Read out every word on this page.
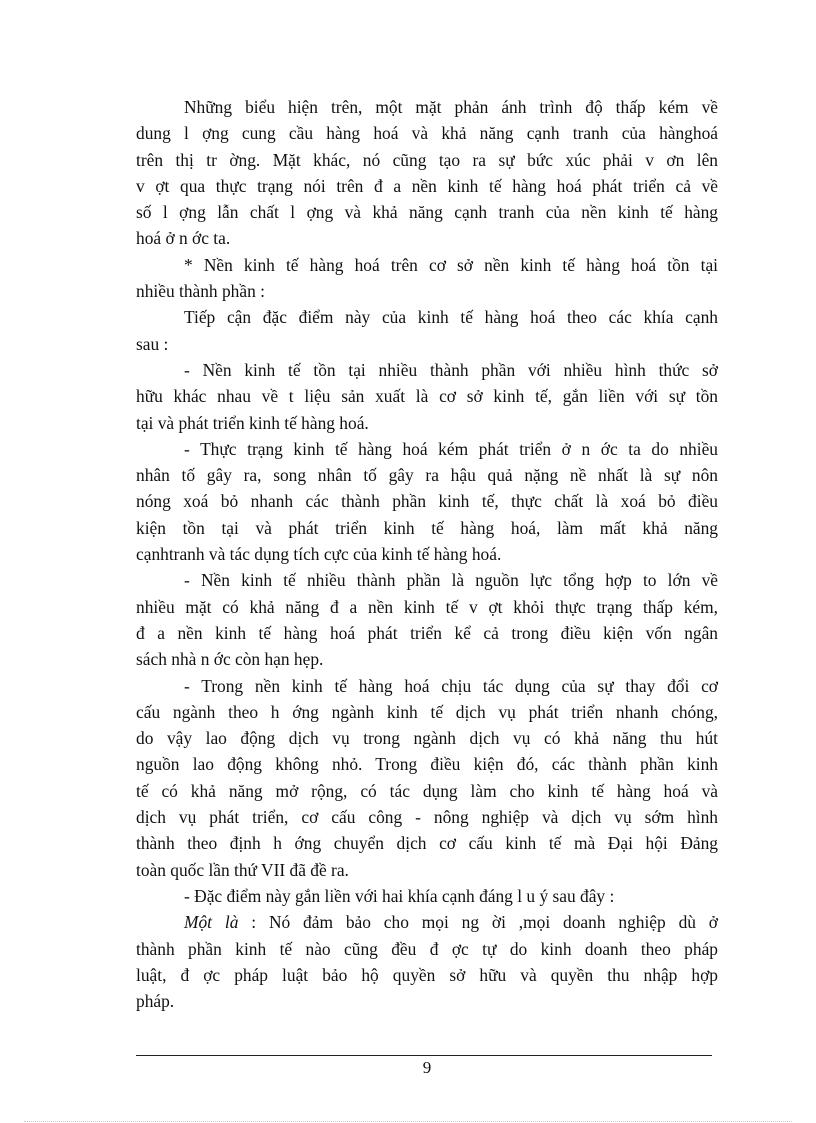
Những biểu hiện trên, một mặt phản ánh trình độ thấp kém về
dung l ợng cung cầu hàng hoá và khả năng cạnh tranh của hànghoá
trên thị tr ờng. Mặt khác, nó cũng tạo ra sự bức xúc phải v ơn lên
v ợt qua thực trạng nói trên đ a nền kinh tế hàng hoá phát triển cả về
số l ợng lẫn chất l ợng và khả năng cạnh tranh của nền kinh tế hàng
hoá ở n ớc ta.
* Nền kinh tế hàng hoá trên cơ sở nền kinh tế hàng hoá tồn tại
nhiều thành phần :
Tiếp cận đặc điểm này của kinh tế hàng hoá theo các khía cạnh
sau :
- Nền kinh tế tồn tại nhiều thành phần với nhiều hình thức sở
hữu khác nhau về t liệu sản xuất là cơ sở kinh tế, gắn liền với sự tồn
tại và phát triển kinh tế hàng hoá.
- Thực trạng kinh tế hàng hoá kém phát triển ở n ớc ta do nhiều
nhân tố gây ra, song nhân tố gây ra hậu quả nặng nề nhất là sự nôn
nóng xoá bỏ nhanh các thành phần kinh tế, thực chất là xoá bỏ điều
kiện tồn tại và phát triển kinh tế hàng hoá, làm mất khả năng
cạnhtranh và tác dụng tích cực của kinh tế hàng hoá.
- Nền kinh tế nhiều thành phần là nguồn lực tổng hợp to lớn về
nhiều mặt có khả năng đ a nền kinh tế v ợt khỏi thực trạng thấp kém,
đ a nền kinh tế hàng hoá phát triển kể cả trong điều kiện vốn ngân
sách nhà n ớc còn hạn hẹp.
- Trong nền kinh tế hàng hoá chịu tác dụng của sự thay đổi cơ
cấu ngành theo h ớng ngành kinh tế dịch vụ phát triển nhanh chóng,
do vậy lao động dịch vụ trong ngành dịch vụ có khả năng thu hút
nguồn lao động không nhỏ. Trong điều kiện đó, các thành phần kinh
tế có khả năng mở rộng, có tác dụng làm cho kinh tế hàng hoá và
dịch vụ phát triển, cơ cấu công - nông nghiệp và dịch vụ sớm hình
thành theo định h ớng chuyển dịch cơ cấu kinh tế mà Đại hội Đảng
toàn quốc lần thứ VII đã đề ra.
- Đặc điểm này gắn liền với hai khía cạnh đáng l u ý sau đây :
Một là : Nó đảm bảo cho mọi ng ời ,mọi doanh nghiệp dù ở
thành phần kinh tế nào cũng đều đ ợc tự do kinh doanh theo pháp
luật, đ ợc pháp luật bảo hộ quyền sở hữu và quyền thu nhập hợp
pháp.
9
